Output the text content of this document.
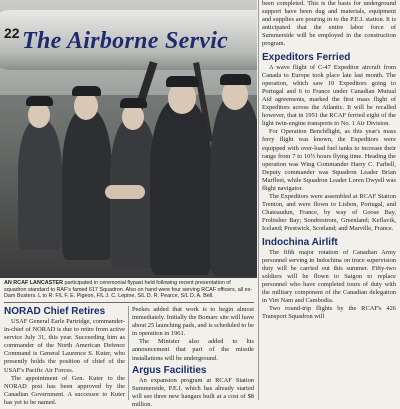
22 The Airborne Servic
AN RCAF LANCASTER participated in ceremonial flypast held following recent presentation of squadron standard to RAF's famed 617 Squadron. Also on hand were four serving RCAF officers, all ex-Dam Busters. L to R: F/L F. E. Pigeon, F/L J. C. Lepine, S/L D. R. Pearce, S/L D. A. Bell.

NORAD Chief Retires

USAF General Earle Partridge, commander-in-chief of NORAD is due to retire from active service July 31, this year. Succeeding him as commander of the North American Defence Command is General Laurence S. Kuter, who presently holds the position of chief of the USAF's Pacific Air Forces.

The appointment of Gen. Kuter to the NORAD post has been approved by the Canadian Government. A successor to Kuter has yet to be named.

Peekes added that work is to begin almost immediately. Initially the Bomarc site will have about 25 launching pads, and is scheduled to be in operation in 1961.

The Minister also added to his announcement that part of the missile installations will be underground.

Argus Facilities

An expansion program at RCAF Station Summerside, P.E.I. which has already started will see three new hangars built at a cost of $8 million.

been completed. This is the basis for underground support have been dug and materials, equipment and supplies are pouring in to the P.E.I. station. It is anticipated that the entire labor force of Summerside will be employed in the construction program.

Expeditors Ferried

A wave flight of C-47 Expeditor aircraft from Canada to Europe took place late last month. The operation, which saw 10 Expeditors going to Portugal and 6 to France under Canadian Mutual Aid agreements, marked the first mass flight of Expeditors across the Atlantic. It will be recalled however, that in 1951 the RCAF ferried eight of the light twin-engine transports to No. 1 Air Division.

For Operation Benchflight, as this year's mass ferry flight was known, the Expeditors were equipped with over-load fuel tanks to increase their range from 7 to 10½ hours flying time. Heading the operation was Wing Commander Harry C. Farbell, Deputy commander was Squadron Leader Brian Marfleet, while Squadron Leader Loren Dwyell was flight navigator.

The Expeditors were assembled at RCAF Station Trenton, and were flown to Lisbon, Portugal, and Chateaudun, France, by way of Goose Bay, Frobisher Bay; Sondrestrom, Greenland; Keflavik, Iceland; Prestwick, Scotland; and Marville, France.

Indochina Airlift

The fifth major rotation of Canadian Army personnel serving in Indochina on truce supervision duty will be carried out this summer. Fifty-two soldiers will be flown to Saigon to replace personnel who have completed tours of duty with the military component of the Canadian delegation in Viet Nam and Cambodia.

Two round-trip flights by the RCAF's 426 Transport Squadron will
